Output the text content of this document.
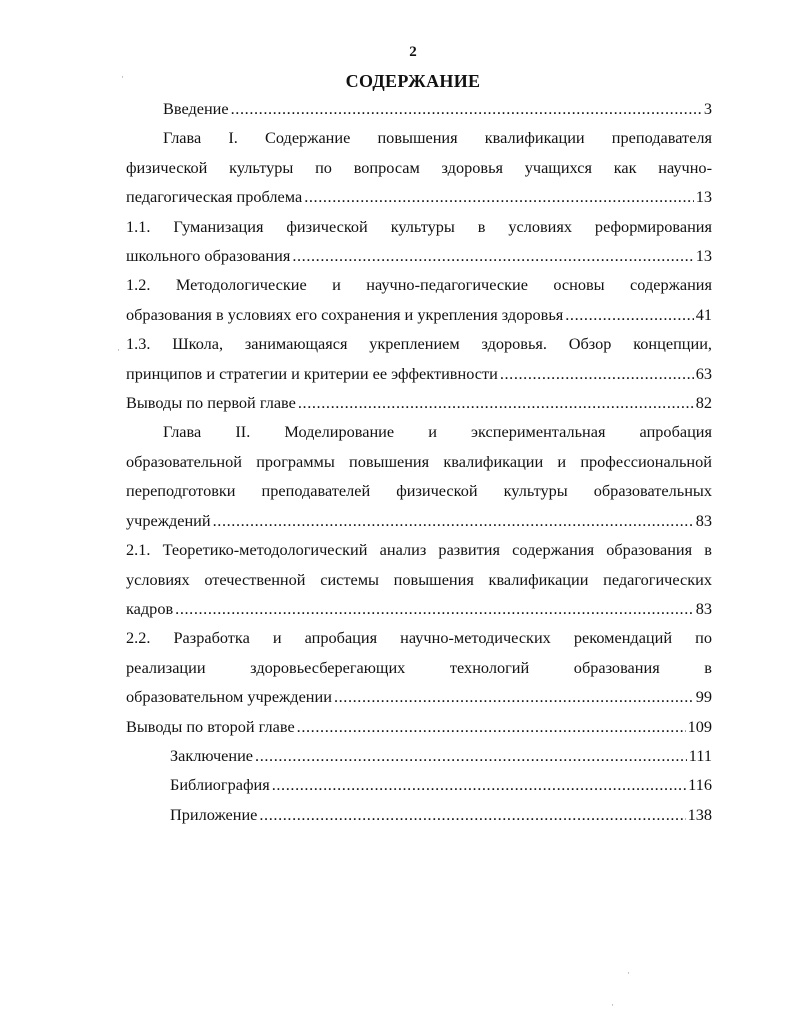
2
СОДЕРЖАНИЕ
Введение .....	3
Глава I. Содержание повышения квалификации преподавателя
физической культуры по вопросам здоровья учащихся как научно-
педагогическая проблема .....	13
1.1. Гуманизация физической культуры в условиях реформирования
школьного образования .....	13
1.2. Методологические и научно-педагогические основы содержания
образования в условиях его сохранения и укрепления здоровья .....	41
1.3. Школа, занимающаяся укреплением здоровья. Обзор концепции,
принципов и стратегии и критерии ее эффективности .....	63
Выводы по первой главе .....	82
Глава II. Моделирование и экспериментальная апробация
образовательной программы повышения квалификации и профессиональной
переподготовки преподавателей физической культуры образовательных
учреждений .....	83
2.1. Теоретико-методологический анализ развития содержания образования в
условиях отечественной системы повышения квалификации педагогических
кадров .....	83
2.2. Разработка и апробация научно-методических рекомендаций по
реализации здоровьесберегающих технологий образования в
образовательном учреждении .....	99
Выводы по второй главе .....	109
Заключение .....	111
Библиография .....	116
Приложение .....	138
·
·
·
·
